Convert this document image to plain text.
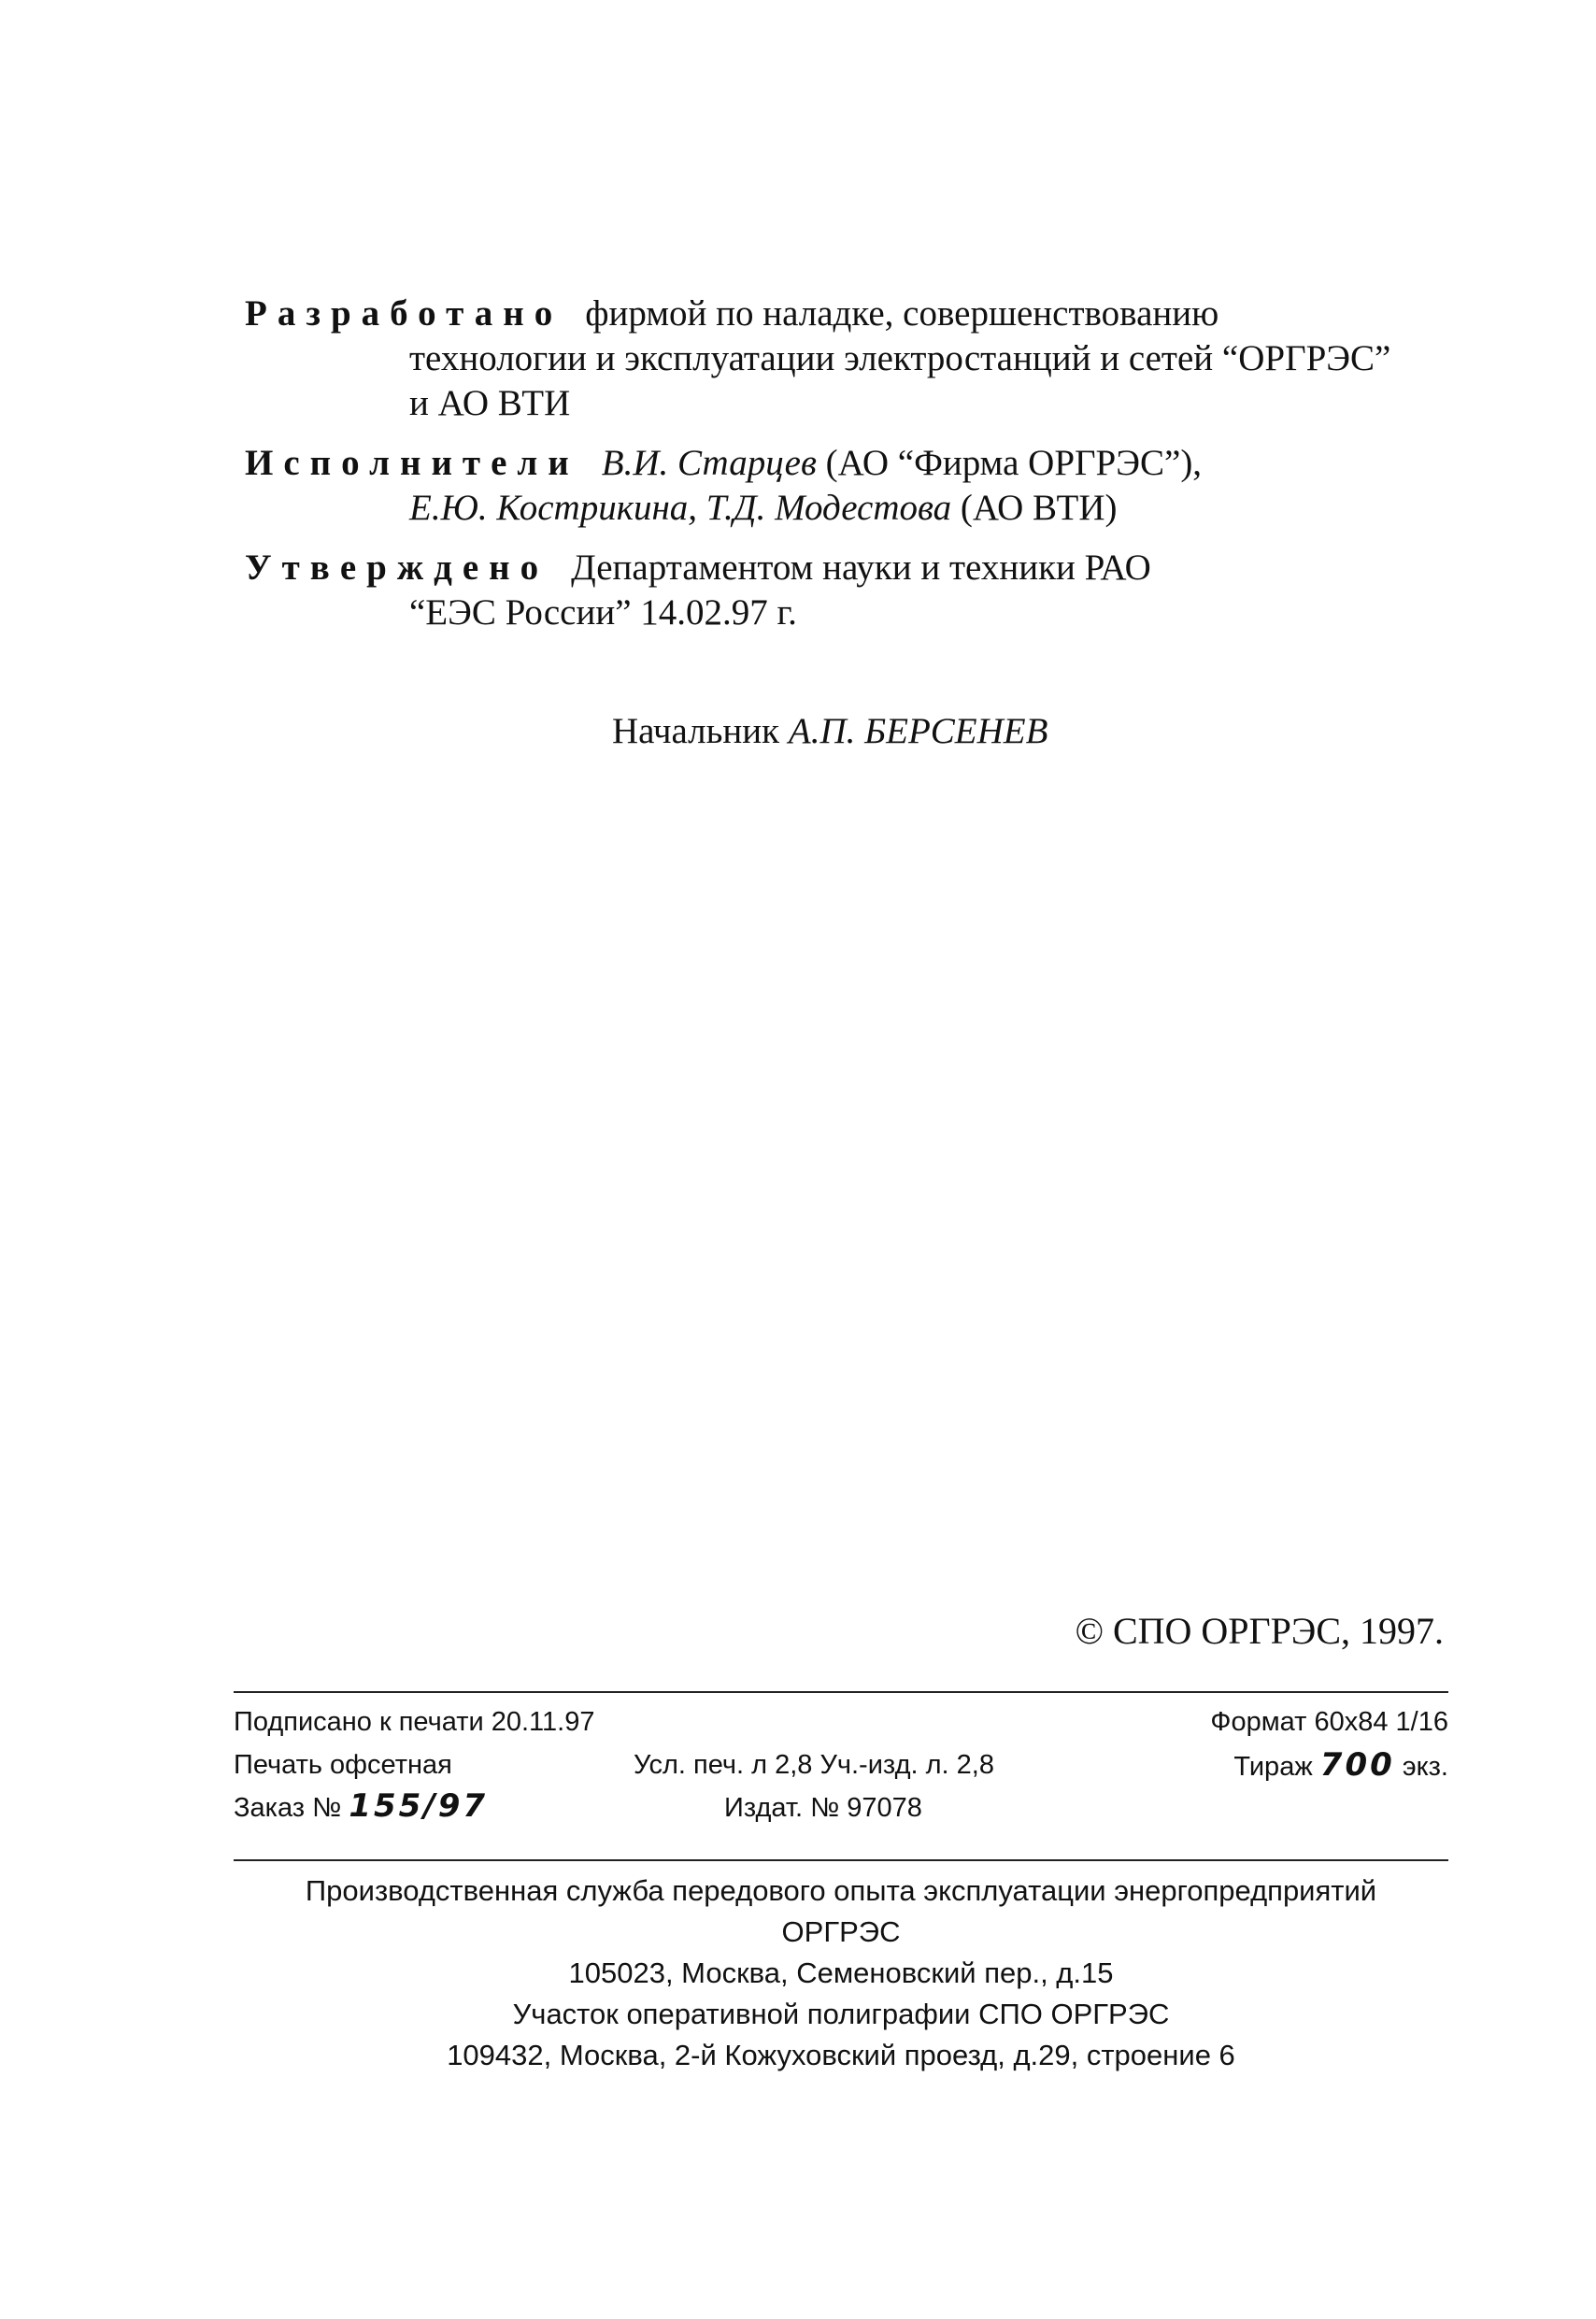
Разработано фирмой по наладке, совершенствованию
технологии и эксплуатации электростанций и сетей “ОРГРЭС”
и АО ВТИ
Исполнители В.И. Старцев (АО “Фирма ОРГРЭС”),
Е.Ю. Кострикина, Т.Д. Модестова (АО ВТИ)
Утверждено Департаментом науки и техники РАО
“ЕЭС России” 14.02.97 г.
Начальник А.П. БЕРСЕНЕВ
© СПО ОРГРЭС, 1997.
Подписано к печати 20.11.97	Формат 60х84 1/16
Печать офсетная	Усл. печ. л 2,8 Уч.-изд. л. 2,8	Тираж 700 экз.
Заказ № 155/97	Издат. № 97078
Производственная служба передового опыта эксплуатации энергопредприятий
ОРГРЭС
105023, Москва, Семеновский пер., д.15
Участок оперативной полиграфии СПО ОРГРЭС
109432, Москва, 2-й Кожуховский проезд, д.29, строение 6
